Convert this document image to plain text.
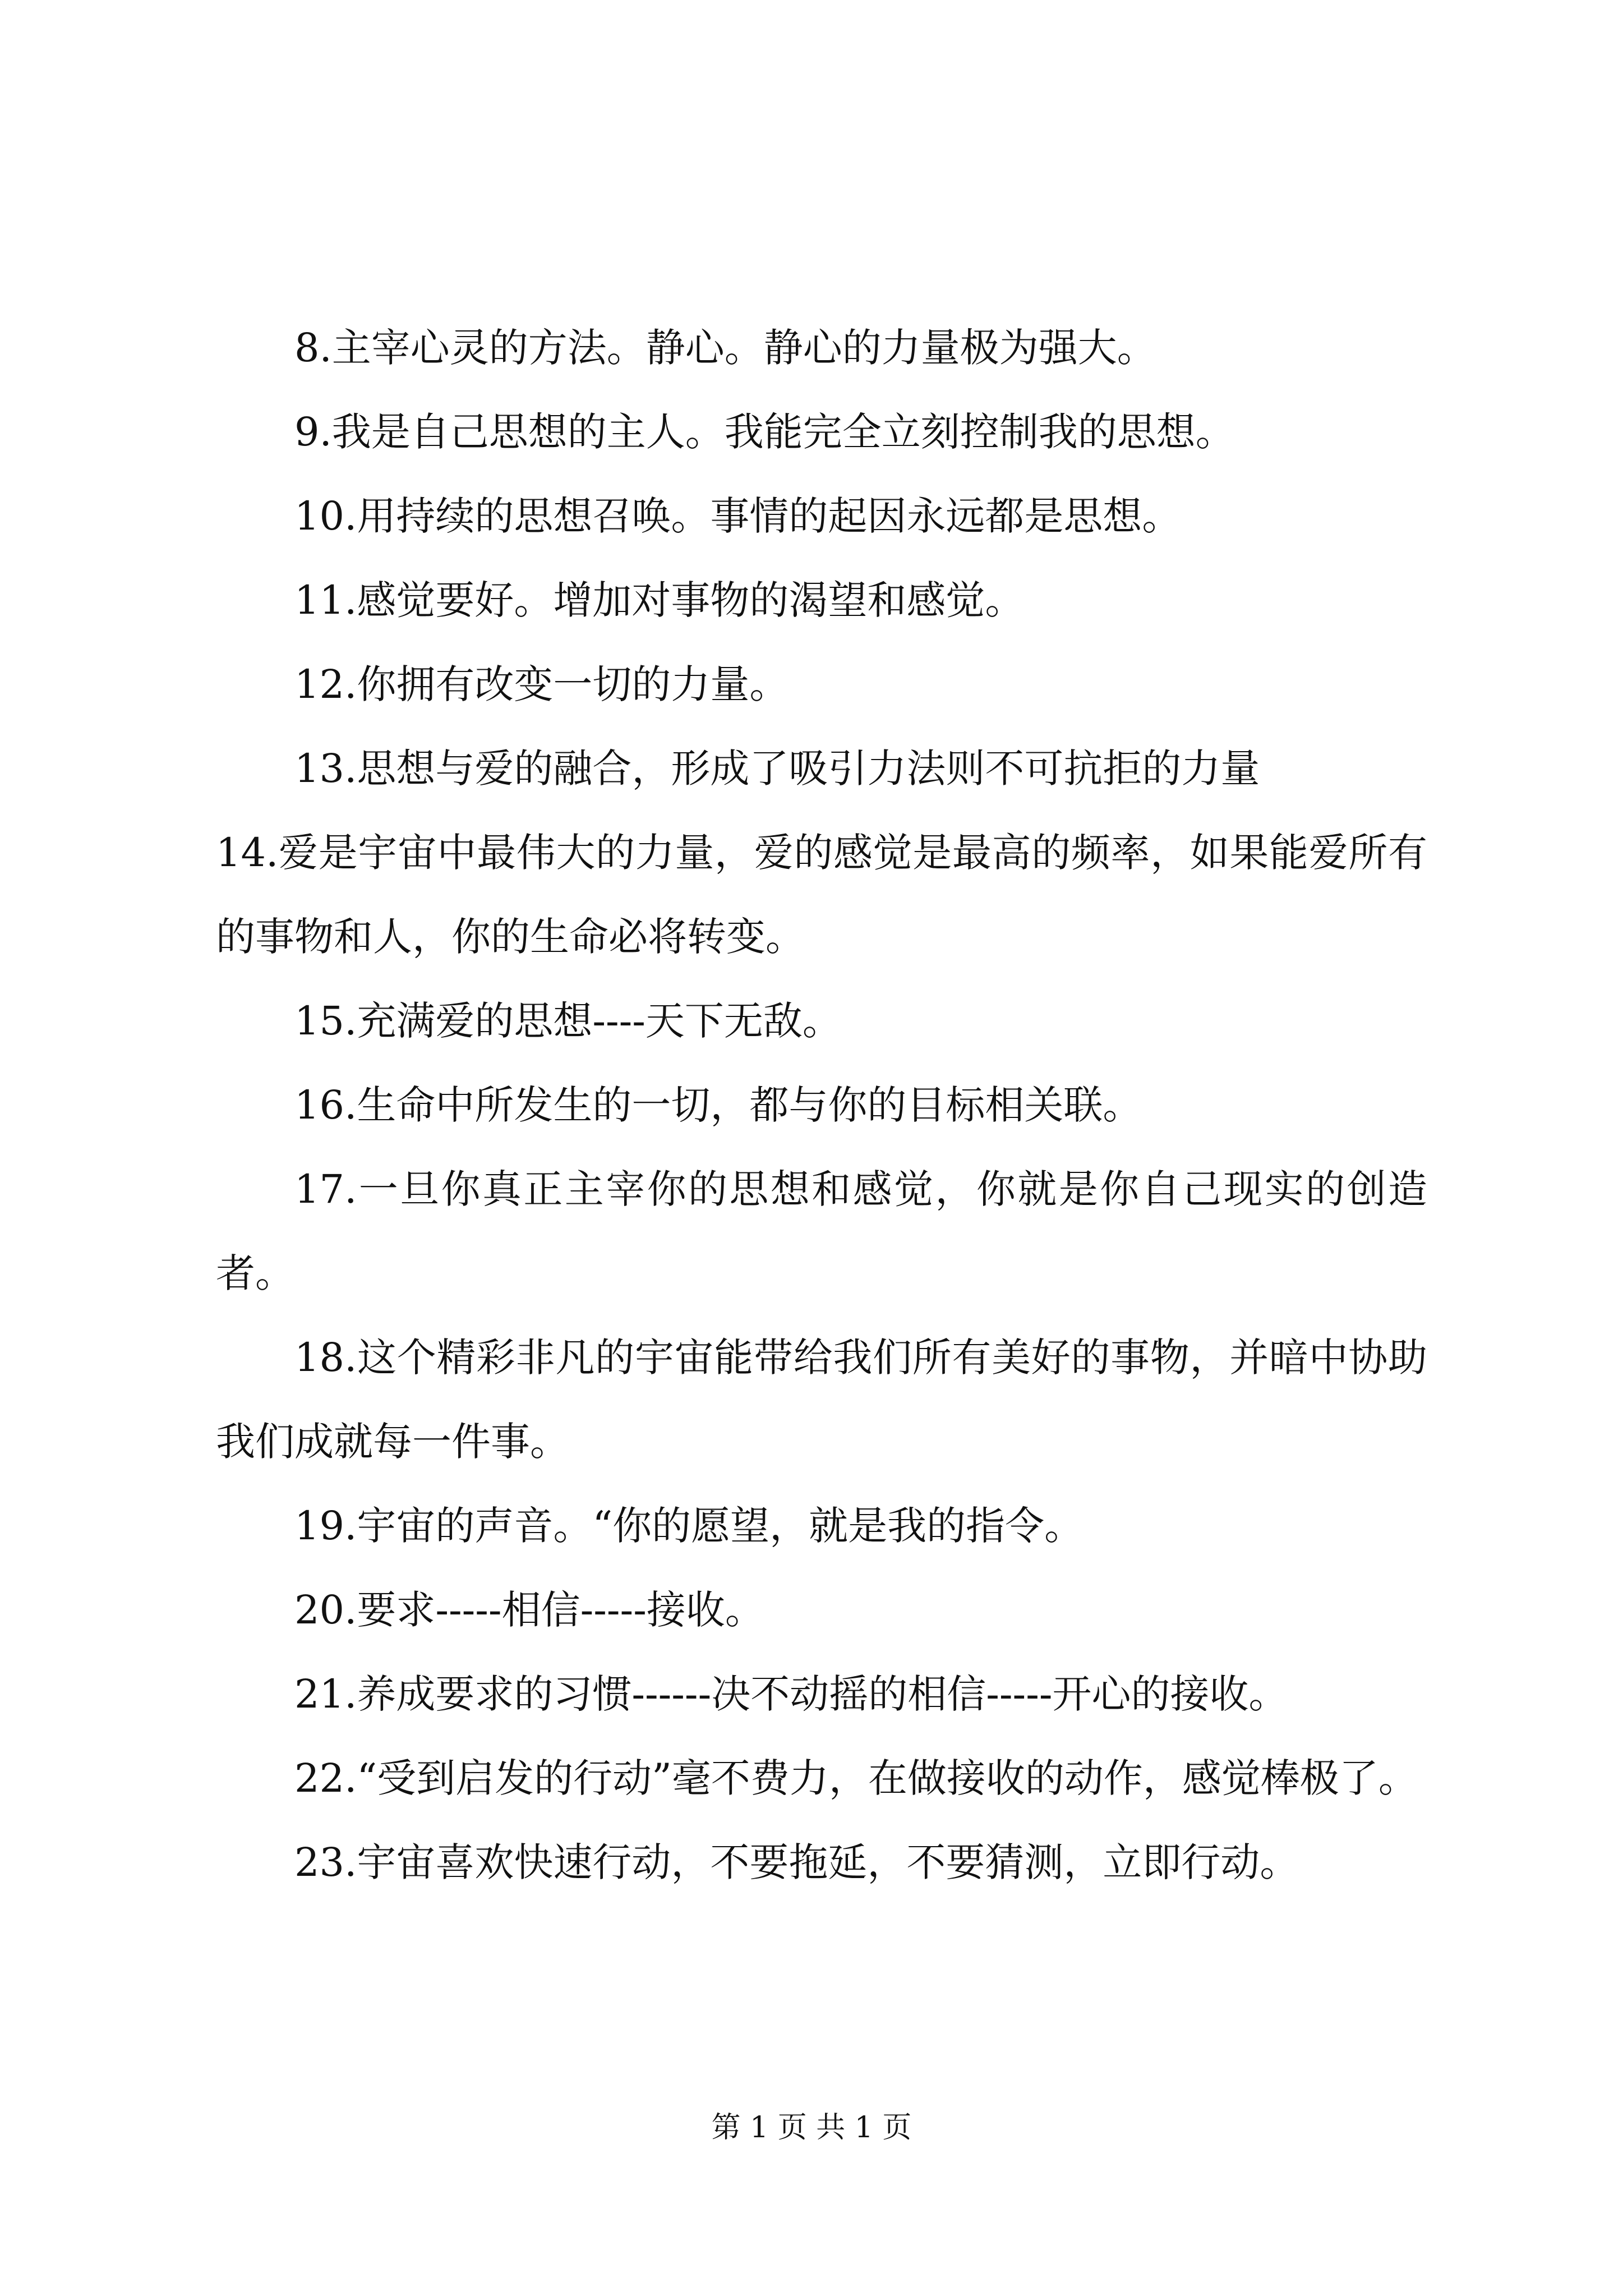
8.主宰心灵的方法。静心。静心的力量极为强大。

9.我是自己思想的主人。我能完全立刻控制我的思想。

10.用持续的思想召唤。事情的起因永远都是思想。

11.感觉要好。增加对事物的渴望和感觉。

12.你拥有改变一切的力量。

13.思想与爱的融合，形成了吸引力法则不可抗拒的力量

14.爱是宇宙中最伟大的力量，爱的感觉是最高的频率，如果能爱所有的事物和人，你的生命必将转变。

15.充满爱的思想----天下无敌。

16.生命中所发生的一切，都与你的目标相关联。

17.一旦你真正主宰你的思想和感觉，你就是你自己现实的创造者。

18.这个精彩非凡的宇宙能带给我们所有美好的事物，并暗中协助我们成就每一件事。

19.宇宙的声音。“你的愿望，就是我的指令。

20.要求-----相信-----接收。

21.养成要求的习惯------决不动摇的相信-----开心的接收。

22.“受到启发的行动”毫不费力，在做接收的动作，感觉棒极了。

23.宇宙喜欢快速行动，不要拖延，不要猜测，立即行动。

第 1 页 共 1 页
